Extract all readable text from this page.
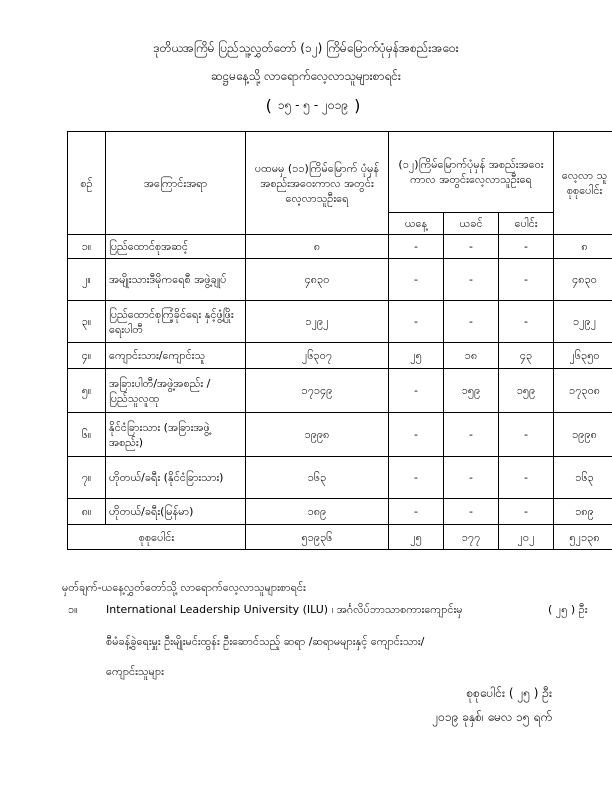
ဒုတိယအကြိမ် ပြည်သူ့လွှတ်တော် (၁၂) ကြိမ်မြောက်ပုံမှန်အစည်းအဝေး
ဆဋ္ဌမနေ့သို့ လာရောက်လေ့လာသူများစာရင်း
( ၁၅ - ၅ - ၂၀၁၉ )
စဉ်	အကြောင်းအရာ	ပထမမှ (၁၁)ကြိမ်မြောက် ပုံမှန်အစည်းအဝေးကာလ အတွင်းလေ့လာသူဦးရေ	(၁၂)ကြိမ်မြောက်ပုံမှန် အစည်းအဝေးကာလ အတွင်းလေ့လာသူဦးရေ			လေ့လာ သူ စုစုပေါင်း
			ယနေ့	ယခင်	ပေါင်း	
၁။	ပြည်ထောင်စုအဆင့်	၈	-	-	-	၈
၂။	အမျိုးသားဒီမိုကရေစီ အဖွဲ့ချုပ်	၄၈၃၀	-	-	-	၄၈၃၀
၃။	ပြည်ထောင်စုကြံ့ခိုင်ရေး နှင့်ဖွံ့ဖြိုးရေးပါတီ	၁၂၉၂	-	-	-	၁၂၉၂
၄။	ကျောင်းသား/ကျောင်းသူ	၂၆၃၀၇	၂၅	၁၈	၄၃	၂၆၃၅၀
၅။	အခြားပါတီ/အဖွဲ့အစည်း / ပြည်သူလူထု	၁၇၁၄၉	-	၁၅၉	၁၅၉	၁၇၃၀၈
၆။	နိုင်ငံခြားသား (အခြားအဖွဲ့အစည်း)	၁၉၉၈	-	-	-	၁၉၉၈
၇။	ဟိုတယ်/ခရီး (နိုင်ငံခြားသား)	၁၆၃	-	-	-	၁၆၃
၈။	ဟိုတယ်/ခရီး(မြန်မာ)	၁၈၉	-	-	-	၁၈၉
စုစုပေါင်း		၅၁၉၃၆	၂၅	၁၇၇	၂၀၂	၅၂၁၃၈
မှတ်ချက်-ယနေ့လွှတ်တော်သို့ လာရောက်လေ့လာသူများစာရင်း
၁။	International Leadership University (ILU) ၊ အင်္ဂလိပ်ဘာသာစကားကျောင်းမှ	( ၂၅ ) ဦး
စီမံခန့်ခွဲရေးမှူး ဦးမျိုးမင်းထွန်း ဦးဆောင်သည့် ဆရာ /ဆရာမများနှင့် ကျောင်းသား/
ကျောင်းသူများ
စုစုပေါင်း ( ၂၅ ) ဦး
၂၀၁၉ ခုနှစ်၊ မေလ ၁၅ ရက်
